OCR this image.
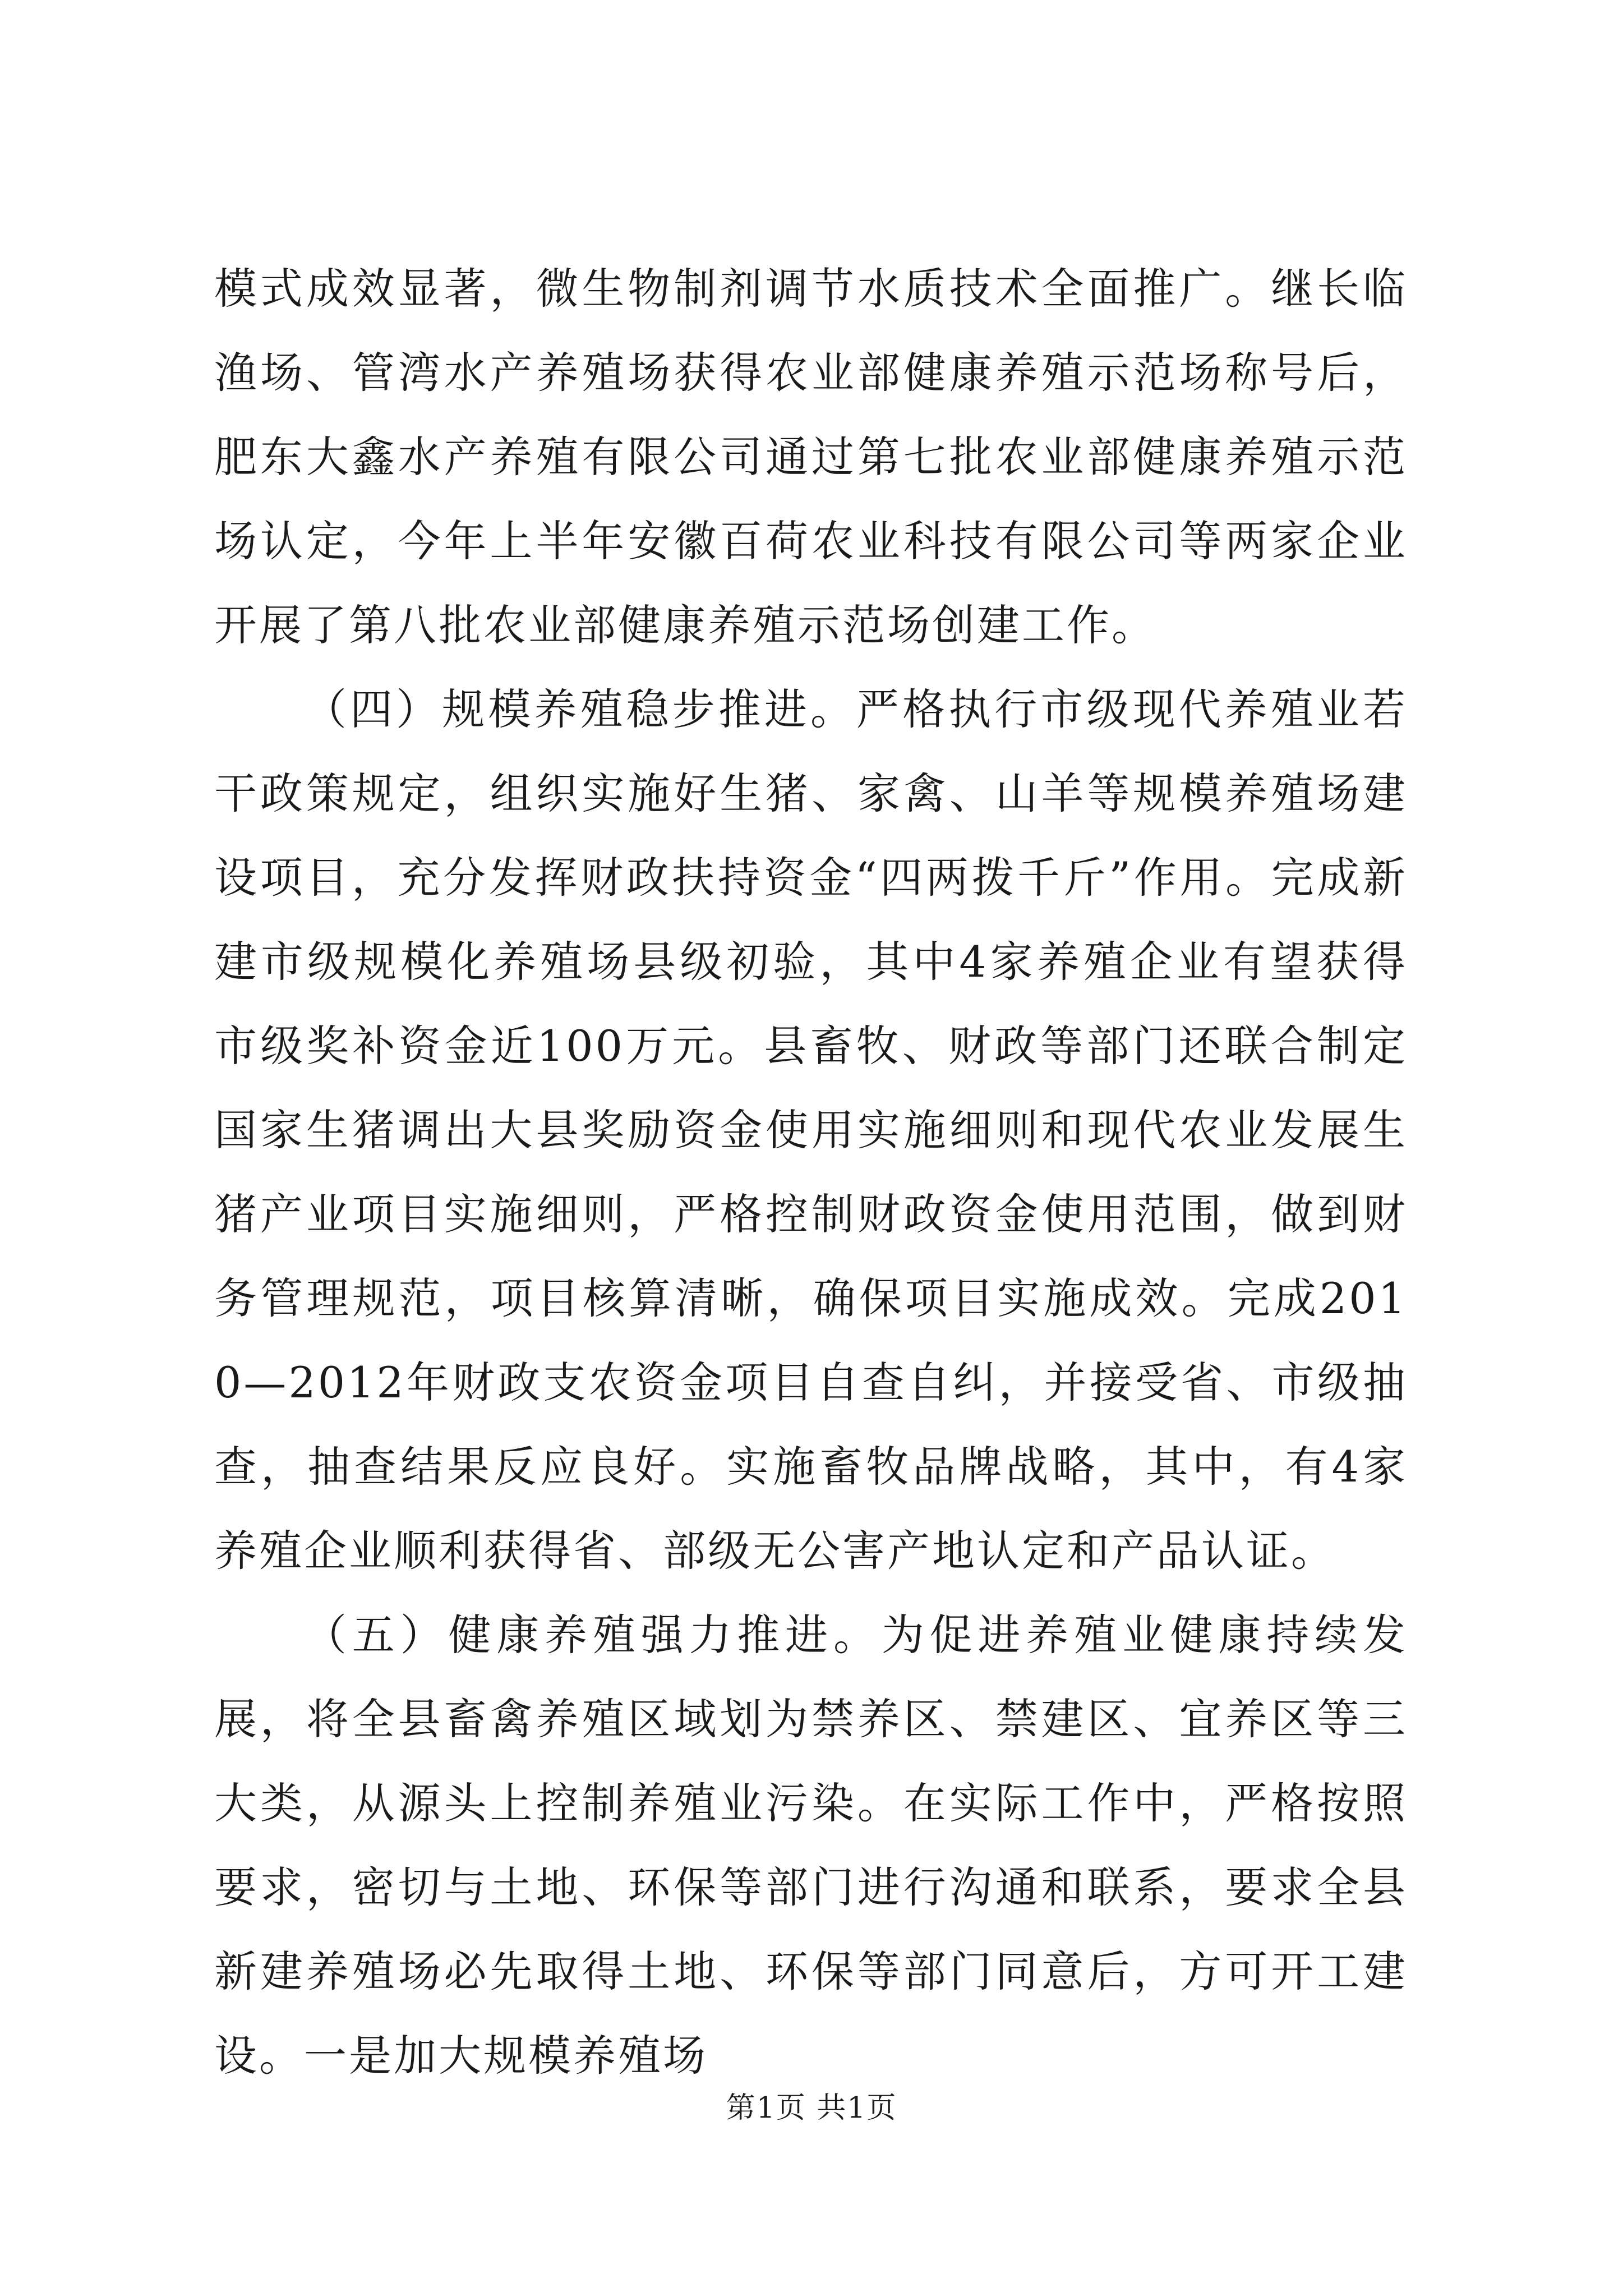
模式成效显著，微生物制剂调节水质技术全面推广。继长临渔场、管湾水产养殖场获得农业部健康养殖示范场称号后，肥东大鑫水产养殖有限公司通过第七批农业部健康养殖示范场认定，今年上半年安徽百荷农业科技有限公司等两家企业开展了第八批农业部健康养殖示范场创建工作。

（四）规模养殖稳步推进。严格执行市级现代养殖业若干政策规定，组织实施好生猪、家禽、山羊等规模养殖场建设项目，充分发挥财政扶持资金“四两拨千斤”作用。完成新建市级规模化养殖场县级初验，其中4家养殖企业有望获得市级奖补资金近100万元。县畜牧、财政等部门还联合制定国家生猪调出大县奖励资金使用实施细则和现代农业发展生猪产业项目实施细则，严格控制财政资金使用范围，做到财务管理规范，项目核算清晰，确保项目实施成效。完成2010—2012年财政支农资金项目自查自纠，并接受省、市级抽查，抽查结果反应良好。实施畜牧品牌战略，其中，有4家养殖企业顺利获得省、部级无公害产地认定和产品认证。

（五）健康养殖强力推进。为促进养殖业健康持续发展，将全县畜禽养殖区域划为禁养区、禁建区、宜养区等三大类，从源头上控制养殖业污染。在实际工作中，严格按照要求，密切与土地、环保等部门进行沟通和联系，要求全县新建养殖场必先取得土地、环保等部门同意后，方可开工建设。一是加大规模养殖场

第1页 共1页
